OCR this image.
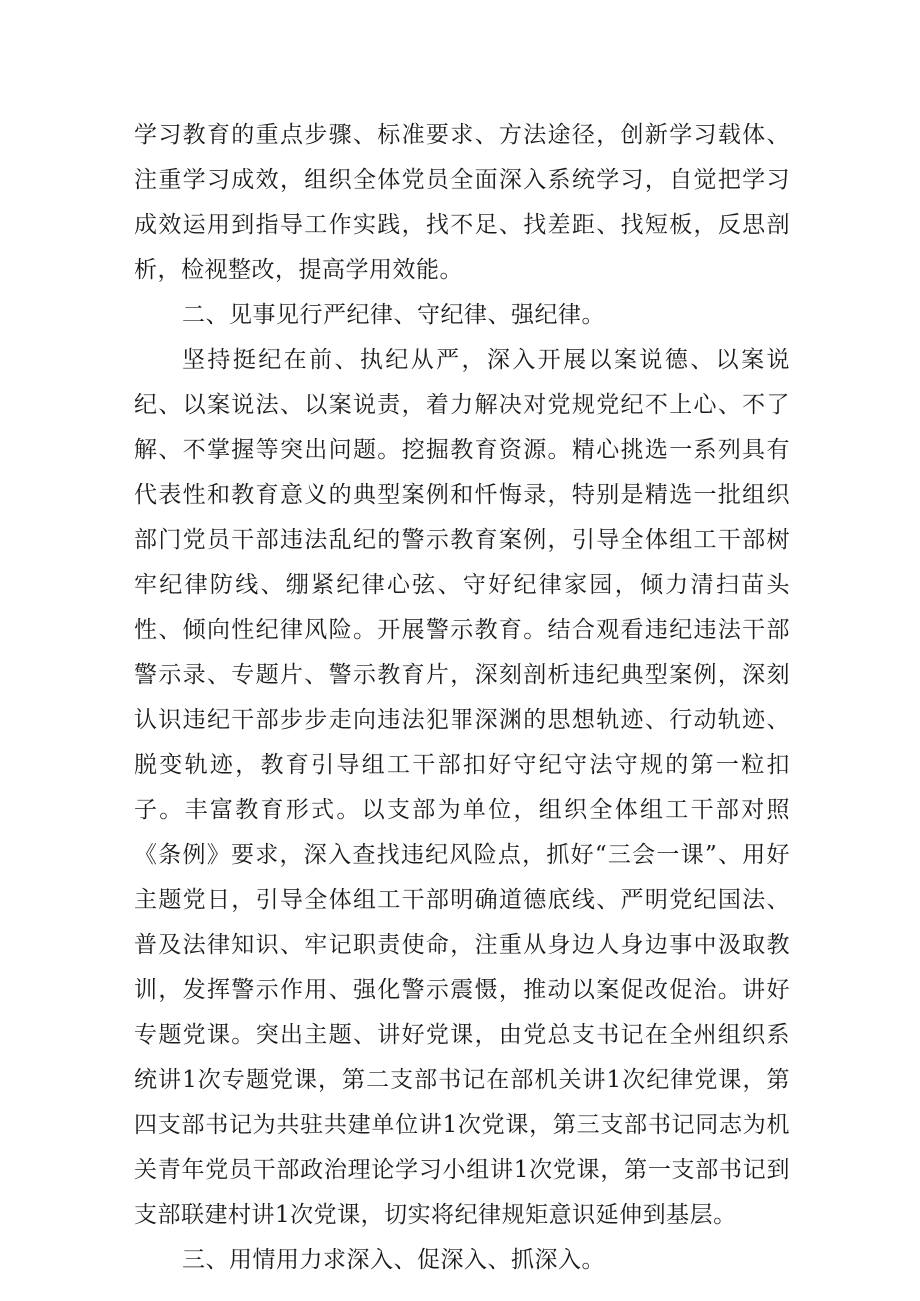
学习教育的重点步骤、标准要求、方法途径，创新学习载体、注重学习成效，组织全体党员全面深入系统学习，自觉把学习成效运用到指导工作实践，找不足、找差距、找短板，反思剖析，检视整改，提高学用效能。

二、见事见行严纪律、守纪律、强纪律。

坚持挺纪在前、执纪从严，深入开展以案说德、以案说纪、以案说法、以案说责，着力解决对党规党纪不上心、不了解、不掌握等突出问题。挖掘教育资源。精心挑选一系列具有代表性和教育意义的典型案例和忏悔录，特别是精选一批组织部门党员干部违法乱纪的警示教育案例，引导全体组工干部树牢纪律防线、绷紧纪律心弦、守好纪律家园，倾力清扫苗头性、倾向性纪律风险。开展警示教育。结合观看违纪违法干部警示录、专题片、警示教育片，深刻剖析违纪典型案例，深刻认识违纪干部步步走向违法犯罪深渊的思想轨迹、行动轨迹、脱变轨迹，教育引导组工干部扣好守纪守法守规的第一粒扣子。丰富教育形式。以支部为单位，组织全体组工干部对照《条例》要求，深入查找违纪风险点，抓好“三会一课”、用好主题党日，引导全体组工干部明确道德底线、严明党纪国法、普及法律知识、牢记职责使命，注重从身边人身边事中汲取教训，发挥警示作用、强化警示震慑，推动以案促改促治。讲好专题党课。突出主题、讲好党课，由党总支书记在全州组织系统讲1次专题党课，第二支部书记在部机关讲1次纪律党课，第四支部书记为共驻共建单位讲1次党课，第三支部书记同志为机关青年党员干部政治理论学习小组讲1次党课，第一支部书记到支部联建村讲1次党课，切实将纪律规矩意识延伸到基层。

三、用情用力求深入、促深入、抓深入。
